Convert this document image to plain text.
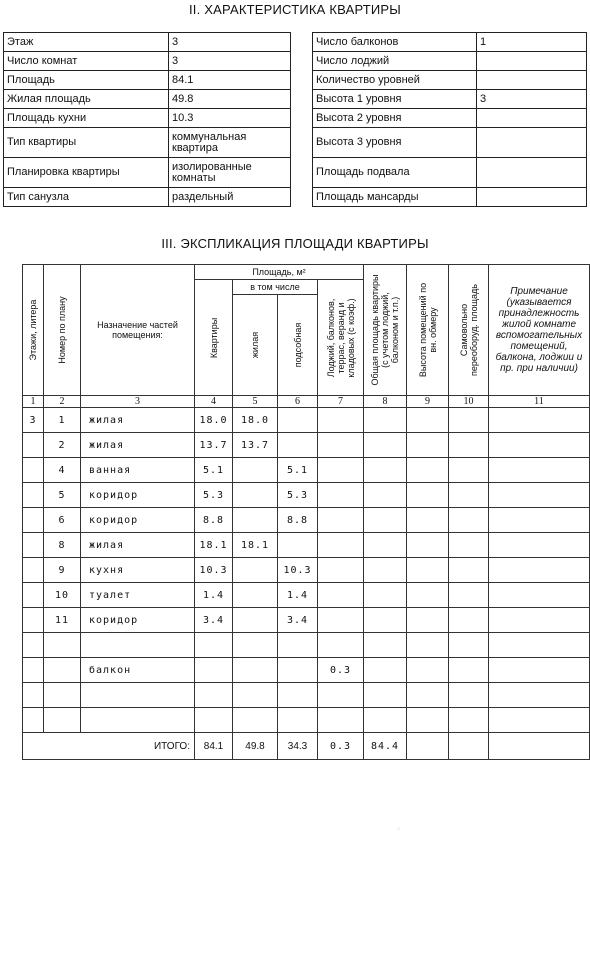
II. ХАРАКТЕРИСТИКА КВАРТИРЫ
Этаж	3
Число комнат	3
Площадь	84.1
Жилая площадь	49.8
Площадь кухни	10.3
Тип квартиры	коммунальная квартира
Планировка квартиры	изолированные комнаты
Тип санузла	раздельный
Число балконов	1
Число лоджий	
Количество уровней	
Высота 1 уровня	3
Высота 2 уровня	
Высота 3 уровня	
Площадь подвала	
Площадь мансарды	
III. ЭКСПЛИКАЦИЯ ПЛОЩАДИ КВАРТИРЫ
Этажи, литера	Номер по плану	Назначение частей помещения:	Площадь, м²				Общая площадь квартиры (с учетом лоджий, балконом и т.п.)	Высота помещений по вн. обмеру	Самовольно переоборуд. площадь	Примечание (указывается принадлежность жилой комнате вспомогательных помещений, балкона, лоджии и пр. при наличии)

			Квартиры	в том числе		Лоджий, балконов, террас, веранд и кладовых (с коэф.)				

				жилая	подсобная					

1	2	3	4	5	6	7	8	9	10	11
3	1	жилая	18.0	18.0						
	2	жилая	13.7	13.7						
	4	ванная	5.1		5.1					
	5	коридор	5.3		5.3					
	6	коридор	8.8		8.8					
	8	жилая	18.1	18.1						
	9	кухня	10.3		10.3					
	10	туалет	1.4		1.4					
	11	коридор	3.4		3.4					

		балкон				0.3				

ИТОГО:			84.1	49.8	34.3	0.3	84.4			
·
